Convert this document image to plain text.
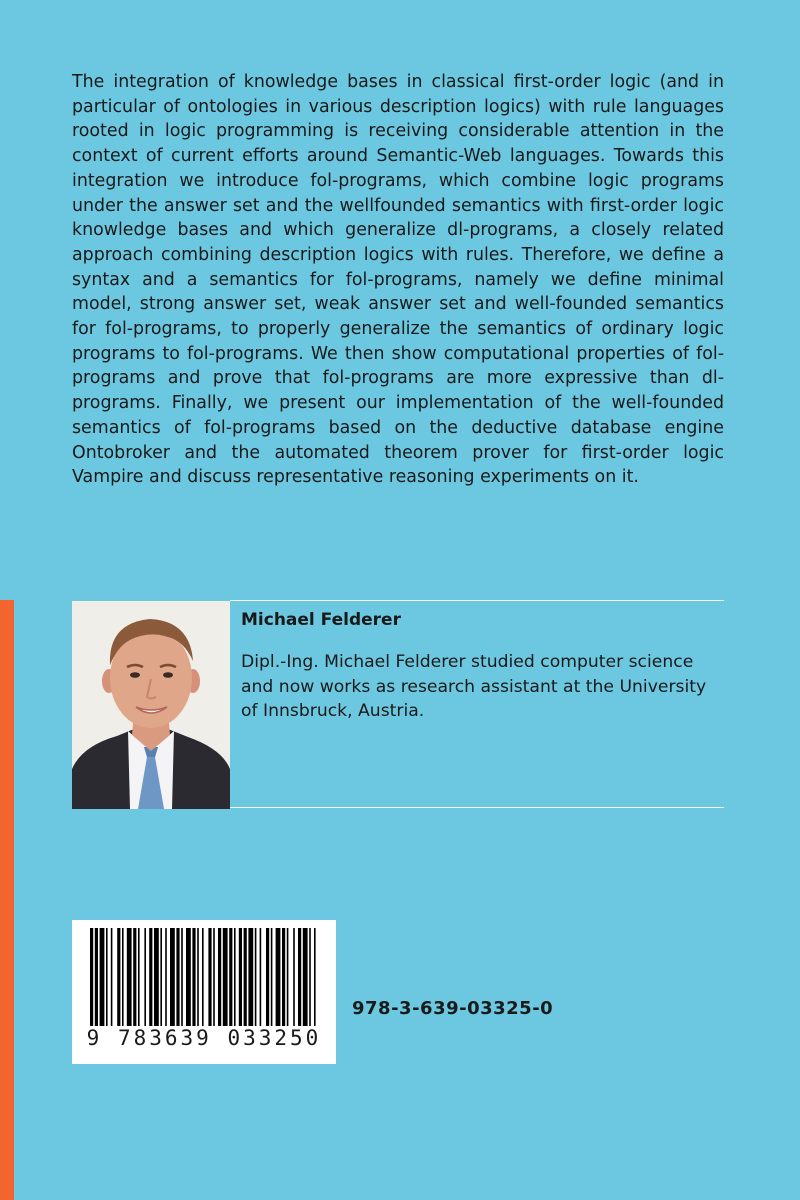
The integration of knowledge bases in classical first-order logic (and in particular of ontologies in various description logics) with rule languages rooted in logic programming is receiving considerable attention in the context of current efforts around Semantic-Web languages. Towards this integration we introduce fol-programs, which combine logic programs under the answer set and the wellfounded semantics with first-order logic knowledge bases and which generalize dl-programs, a closely related approach combining description logics with rules. Therefore, we define a syntax and a semantics for fol-programs, namely we define minimal model, strong answer set, weak answer set and well-founded semantics for fol-programs, to properly generalize the semantics of ordinary logic programs to fol-programs. We then show computational properties of fol-programs and prove that fol-programs are more expressive than dl-programs. Finally, we present our implementation of the well-founded semantics of fol-programs based on the deductive database engine Ontobroker and the automated theorem prover for first-order logic Vampire and discuss representative reasoning experiments on it.

Michael Felderer
Dipl.-Ing. Michael Felderer studied computer science and now works as research assistant at the University of Innsbruck, Austria.
9 783639 033250
978-3-639-03325-0
